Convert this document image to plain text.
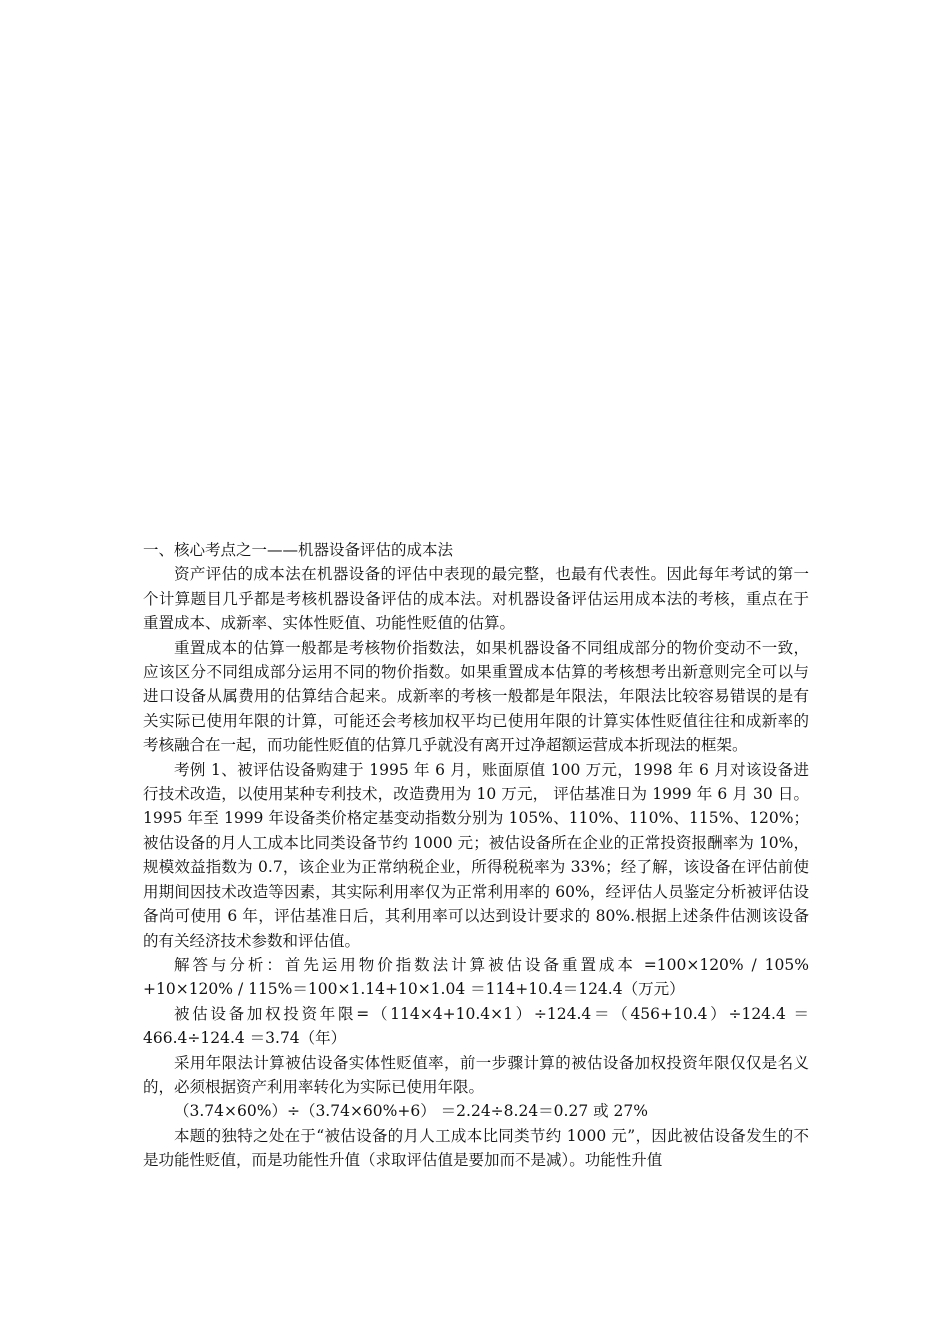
一、核心考点之一——机器设备评估的成本法

资产评估的成本法在机器设备的评估中表现的最完整，也最有代表性。因此每年考试的第一个计算题目几乎都是考核机器设备评估的成本法。对机器设备评估运用成本法的考核，重点在于重置成本、成新率、实体性贬值、功能性贬值的估算。

重置成本的估算一般都是考核物价指数法，如果机器设备不同组成部分的物价变动不一致，应该区分不同组成部分运用不同的物价指数。如果重置成本估算的考核想考出新意则完全可以与进口设备从属费用的估算结合起来。成新率的考核一般都是年限法，年限法比较容易错误的是有关实际已使用年限的计算，可能还会考核加权平均已使用年限的计算实体性贬值往往和成新率的考核融合在一起，而功能性贬值的估算几乎就没有离开过净超额运营成本折现法的框架。

考例 1、被评估设备购建于 1995 年 6 月，账面原值 100 万元，1998 年 6 月对该设备进行技术改造，以使用某种专利技术，改造费用为 10 万元， 评估基准日为 1999 年 6 月 30 日。 1995 年至 1999 年设备类价格定基变动指数分别为 105%、110%、110%、115%、120%；被估设备的月人工成本比同类设备节约 1000 元；被估设备所在企业的正常投资报酬率为 10%，规模效益指数为 0.7，该企业为正常纳税企业，所得税税率为 33%；经了解，该设备在评估前使用期间因技术改造等因素，其实际利用率仅为正常利用率的 60%，经评估人员鉴定分析被评估设备尚可使用 6 年，评估基准日后，其利用率可以达到设计要求的 80%.根据上述条件估测该设备的有关经济技术参数和评估值。

解答与分析：首先运用物价指数法计算被估设备重置成本 =100×120% / 105% +10×120% / 115%＝100×1.14+10×1.04 ＝114+10.4＝124.4（万元）

被估设备加权投资年限=（114×4+10.4×1）÷124.4＝（456+10.4）÷124.4 ＝466.4÷124.4 ＝3.74（年）

采用年限法计算被估设备实体性贬值率，前一步骤计算的被估设备加权投资年限仅仅是名义的，必须根据资产利用率转化为实际已使用年限。

（3.74×60%）÷（3.74×60%+6） ＝2.24÷8.24＝0.27 或 27%

本题的独特之处在于“被估设备的月人工成本比同类节约 1000 元”，因此被估设备发生的不是功能性贬值，而是功能性升值（求取评估值是要加而不是减）。功能性升值
